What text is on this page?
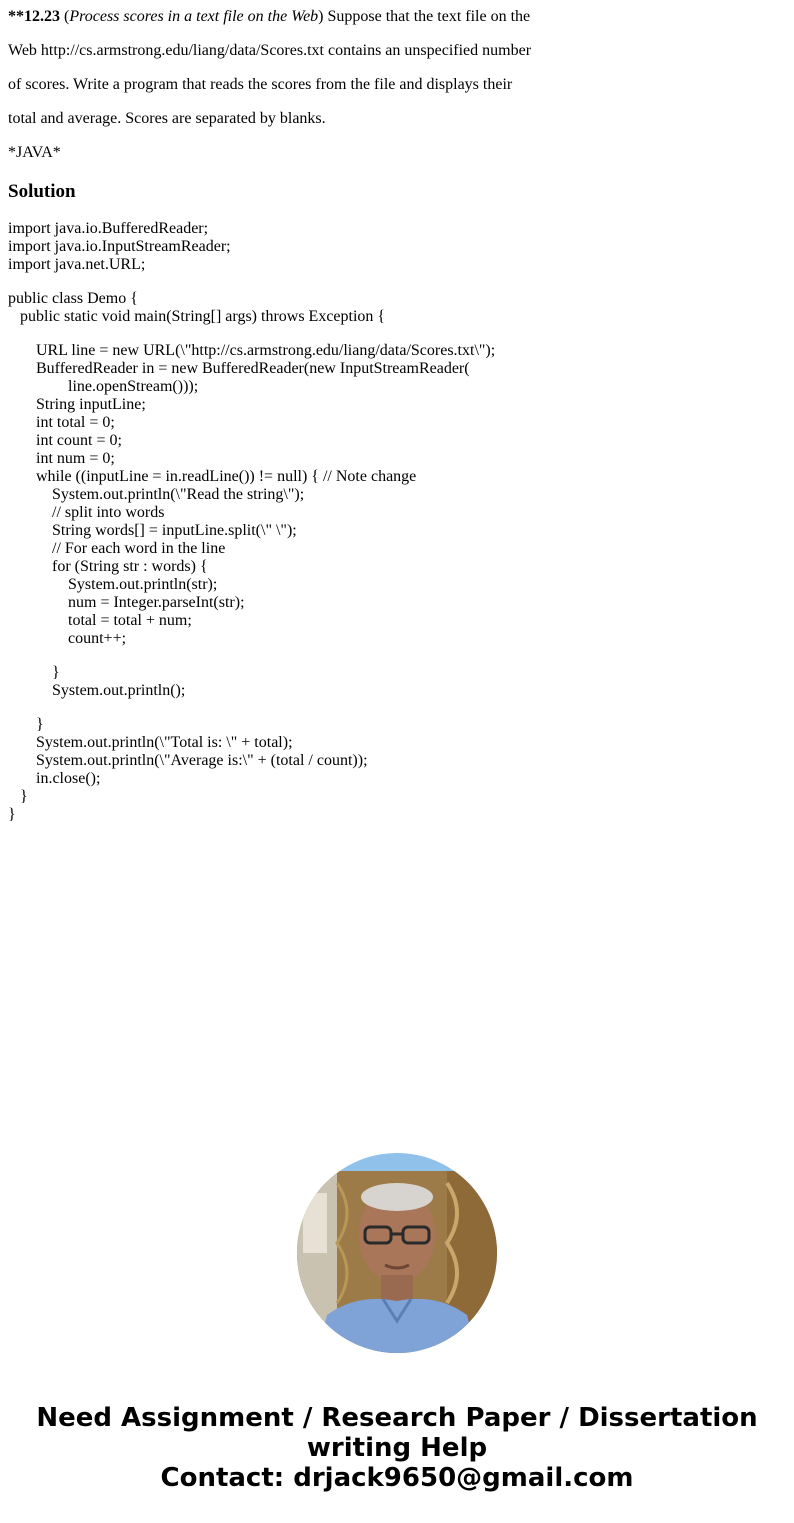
**12.23 (Process scores in a text file on the Web) Suppose that the text file on the
Web http://cs.armstrong.edu/liang/data/Scores.txt contains an unspecified number
of scores. Write a program that reads the scores from the file and displays their
total and average. Scores are separated by blanks.
*JAVA*
Solution
import java.io.BufferedReader;
import java.io.InputStreamReader;
import java.net.URL;
public class Demo {
public static void main(String[] args) throws Exception {
URL line = new URL(\"http://cs.armstrong.edu/liang/data/Scores.txt\");
BufferedReader in = new BufferedReader(new InputStreamReader(
line.openStream()));
String inputLine;
int total = 0;
int count = 0;
int num = 0;
while ((inputLine = in.readLine()) != null) { // Note change
System.out.println(\"Read the string\");
// split into words
String words[] = inputLine.split(\" \");
// For each word in the line
for (String str : words) {
System.out.println(str);
num = Integer.parseInt(str);
total = total + num;
count++;
}
System.out.println();
}
System.out.println(\"Total is: \" + total);
System.out.println(\"Average is:\" + (total / count));
in.close();
}
}
Need Assignment / Research Paper / Dissertation
writing Help
Contact: drjack9650@gmail.com
